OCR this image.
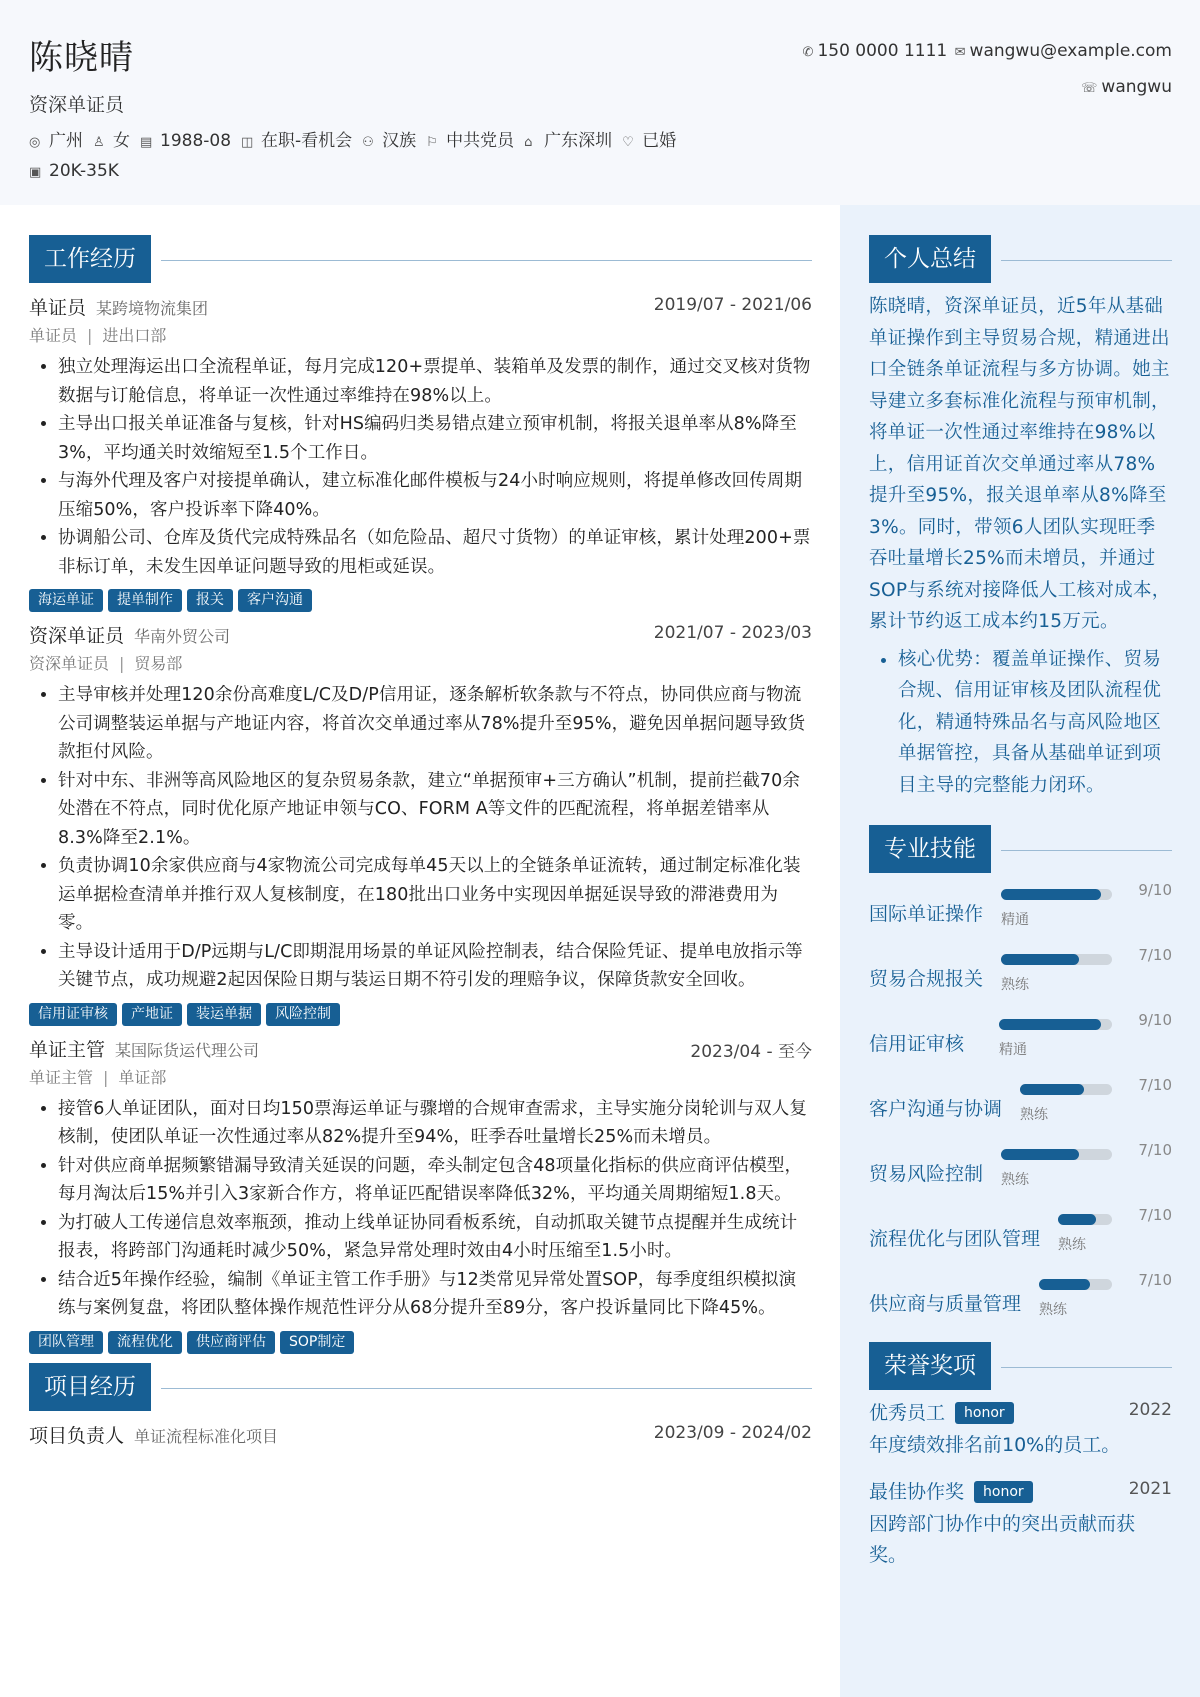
陈晓晴
资深单证员
◎ 广州 ♙ 女 ▤ 1988-08 ◫ 在职-看机会 ⚇ 汉族 ⚐ 中共党员 ⌂ 广东深圳 ♡ 已婚
▣ 20K-35K
✆ 150 0000 1111 ✉ wangwu@example.com
☏ wangwu
工作经历
单证员 某跨境物流集团	2019/07 - 2021/06
单证员 | 进出口部
• 独立处理海运出口全流程单证，每月完成120+票提单、装箱单及发票的制作，通过交叉核对货物数据与订舱信息，将单证一次性通过率维持在98%以上。
• 主导出口报关单证准备与复核，针对HS编码归类易错点建立预审机制，将报关退单率从8%降至3%，平均通关时效缩短至1.5个工作日。
• 与海外代理及客户对接提单确认，建立标准化邮件模板与24小时响应规则，将提单修改回传周期压缩50%，客户投诉率下降40%。
• 协调船公司、仓库及货代完成特殊品名（如危险品、超尺寸货物）的单证审核，累计处理200+票非标订单，未发生因单证问题导致的甩柜或延误。
海运单证 提单制作 报关 客户沟通
资深单证员 华南外贸公司	2021/07 - 2023/03
资深单证员 | 贸易部
• 主导审核并处理120余份高难度L/C及D/P信用证，逐条解析软条款与不符点，协同供应商与物流公司调整装运单据与产地证内容，将首次交单通过率从78%提升至95%，避免因单据问题导致货款拒付风险。
• 针对中东、非洲等高风险地区的复杂贸易条款，建立“单据预审+三方确认”机制，提前拦截70余处潜在不符点，同时优化原产地证申领与CO、FORM A等文件的匹配流程，将单据差错率从8.3%降至2.1%。
• 负责协调10余家供应商与4家物流公司完成每单45天以上的全链条单证流转，通过制定标准化装运单据检查清单并推行双人复核制度，在180批出口业务中实现因单据延误导致的滞港费用为零。
• 主导设计适用于D/P远期与L/C即期混用场景的单证风险控制表，结合保险凭证、提单电放指示等关键节点，成功规避2起因保险日期与装运日期不符引发的理赔争议，保障货款安全回收。
信用证审核 产地证 装运单据 风险控制
单证主管 某国际货运代理公司	2023/04 - 至今
单证主管 | 单证部
• 接管6人单证团队，面对日均150票海运单证与骤增的合规审查需求，主导实施分岗轮训与双人复核制，使团队单证一次性通过率从82%提升至94%，旺季吞吐量增长25%而未增员。
• 针对供应商单据频繁错漏导致清关延误的问题，牵头制定包含48项量化指标的供应商评估模型，每月淘汰后15%并引入3家新合作方，将单证匹配错误率降低32%，平均通关周期缩短1.8天。
• 为打破人工传递信息效率瓶颈，推动上线单证协同看板系统，自动抓取关键节点提醒并生成统计报表，将跨部门沟通耗时减少50%，紧急异常处理时效由4小时压缩至1.5小时。
• 结合近5年操作经验，编制《单证主管工作手册》与12类常见异常处置SOP，每季度组织模拟演练与案例复盘，将团队整体操作规范性评分从68分提升至89分，客户投诉量同比下降45%。
团队管理 流程优化 供应商评估 SOP制定
项目经历
项目负责人 单证流程标准化项目	2023/09 - 2024/02
个人总结
陈晓晴，资深单证员，近5年从基础单证操作到主导贸易合规，精通进出口全链条单证流程与多方协调。她主导建立多套标准化流程与预审机制，将单证一次性通过率维持在98%以上，信用证首次交单通过率从78%提升至95%，报关退单率从8%降至3%。同时，带领6人团队实现旺季吞吐量增长25%而未增员，并通过SOP与系统对接降低人工核对成本，累计节约返工成本约15万元。
• 核心优势：覆盖单证操作、贸易合规、信用证审核及团队流程优化，精通特殊品名与高风险地区单据管控，具备从基础单证到项目主导的完整能力闭环。
专业技能
国际单证操作 精通
9/10
贸易合规报关 熟练
7/10
信用证审核 精通
9/10
客户沟通与协调 熟练
7/10
贸易风险控制 熟练
7/10
流程优化与团队管理 熟练
7/10
供应商与质量管理 熟练
7/10
荣誉奖项
优秀员工 honor	2022
年度绩效排名前10%的员工。
最佳协作奖 honor	2021
因跨部门协作中的突出贡献而获奖。
